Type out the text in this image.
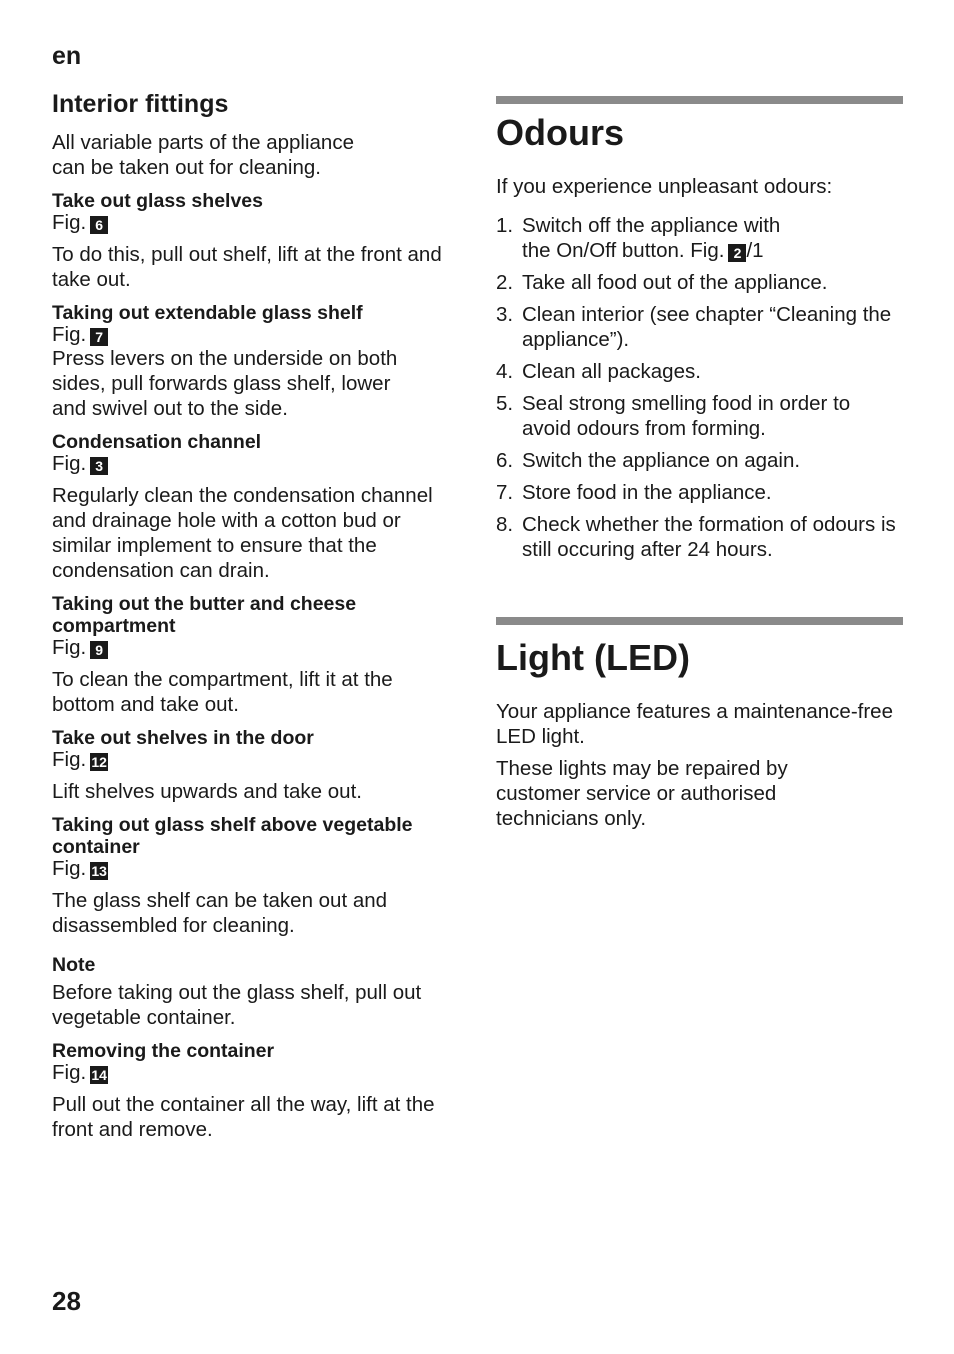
en
Interior fittings

All variable parts of the appliance can be taken out for cleaning.

Take out glass shelves
Fig. 6

To do this, pull out shelf, lift at the front and take out.

Taking out extendable glass shelf
Fig. 7

Press levers on the underside on both sides, pull forwards glass shelf, lower and swivel out to the side.

Condensation channel
Fig. 3

Regularly clean the condensation channel and drainage hole with a cotton bud or similar implement to ensure that the condensation can drain.

Taking out the butter and cheese compartment
Fig. 9

To clean the compartment, lift it at the bottom and take out.

Take out shelves in the door
Fig. 12

Lift shelves upwards and take out.

Taking out glass shelf above vegetable container
Fig. 13

The glass shelf can be taken out and disassembled for cleaning.

Note

Before taking out the glass shelf, pull out vegetable container.

Removing the container
Fig. 14

Pull out the container all the way, lift at the front and remove.

Odours

If you experience unpleasant odours:

1. Switch off the appliance with the On/Off button. Fig. 2 /1
2. Take all food out of the appliance.
3. Clean interior (see chapter “Cleaning the appliance”).
4. Clean all packages.
5. Seal strong smelling food in order to avoid odours from forming.
6. Switch the appliance on again.
7. Store food in the appliance.
8. Check whether the formation of odours is still occuring after 24 hours.
Light (LED)

Your appliance features a maintenance-free LED light.

These lights may be repaired by customer service or authorised technicians only.

28
